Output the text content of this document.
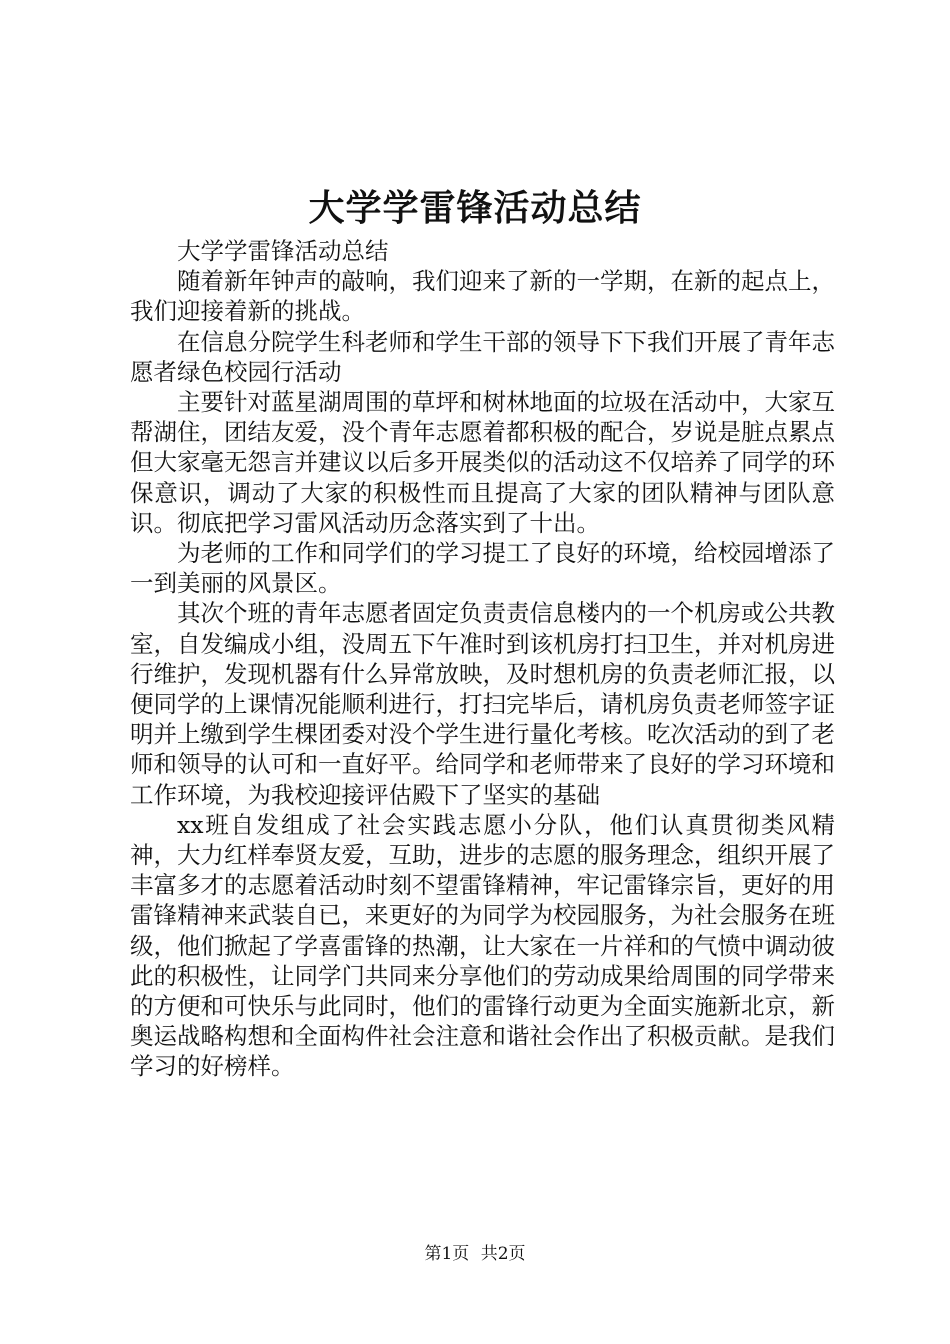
大学学雷锋活动总结

大学学雷锋活动总结

随着新年钟声的敲响，我们迎来了新的一学期，在新的起点上，我们迎接着新的挑战。

在信息分院学生科老师和学生干部的领导下下我们开展了青年志愿者绿色校园行活动

主要针对蓝星湖周围的草坪和树林地面的垃圾在活动中，大家互帮湖住，团结友爱，没个青年志愿着都积极的配合，岁说是脏点累点但大家毫无怨言并建议以后多开展类似的活动这不仅培养了同学的环保意识，调动了大家的积极性而且提高了大家的团队精神与团队意识。彻底把学习雷风活动历念落实到了十出。

为老师的工作和同学们的学习提工了良好的环境，给校园增添了一到美丽的风景区。

其次个班的青年志愿者固定负责责信息楼内的一个机房或公共教室，自发编成小组，没周五下午准时到该机房打扫卫生，并对机房进行维护，发现机器有什么异常放映，及时想机房的负责老师汇报，以便同学的上课情况能顺利进行，打扫完毕后，请机房负责老师签字证明并上缴到学生棵团委对没个学生进行量化考核。吃次活动的到了老师和领导的认可和一直好平。给同学和老师带来了良好的学习环境和工作环境，为我校迎接评估殿下了坚实的基础

xx班自发组成了社会实践志愿小分队，他们认真贯彻类风精神，大力红样奉贤友爱，互助，进步的志愿的服务理念，组织开展了丰富多才的志愿着活动时刻不望雷锋精神，牢记雷锋宗旨，更好的用雷锋精神来武装自已，来更好的为同学为校园服务，为社会服务在班级，他们掀起了学喜雷锋的热潮，让大家在一片祥和的气愤中调动彼此的积极性，让同学门共同来分享他们的劳动成果给周围的同学带来的方便和可快乐与此同时，他们的雷锋行动更为全面实施新北京，新奥运战略构想和全面构件社会注意和谐社会作出了积极贡献。是我们学习的好榜样。

第1页 共2页
